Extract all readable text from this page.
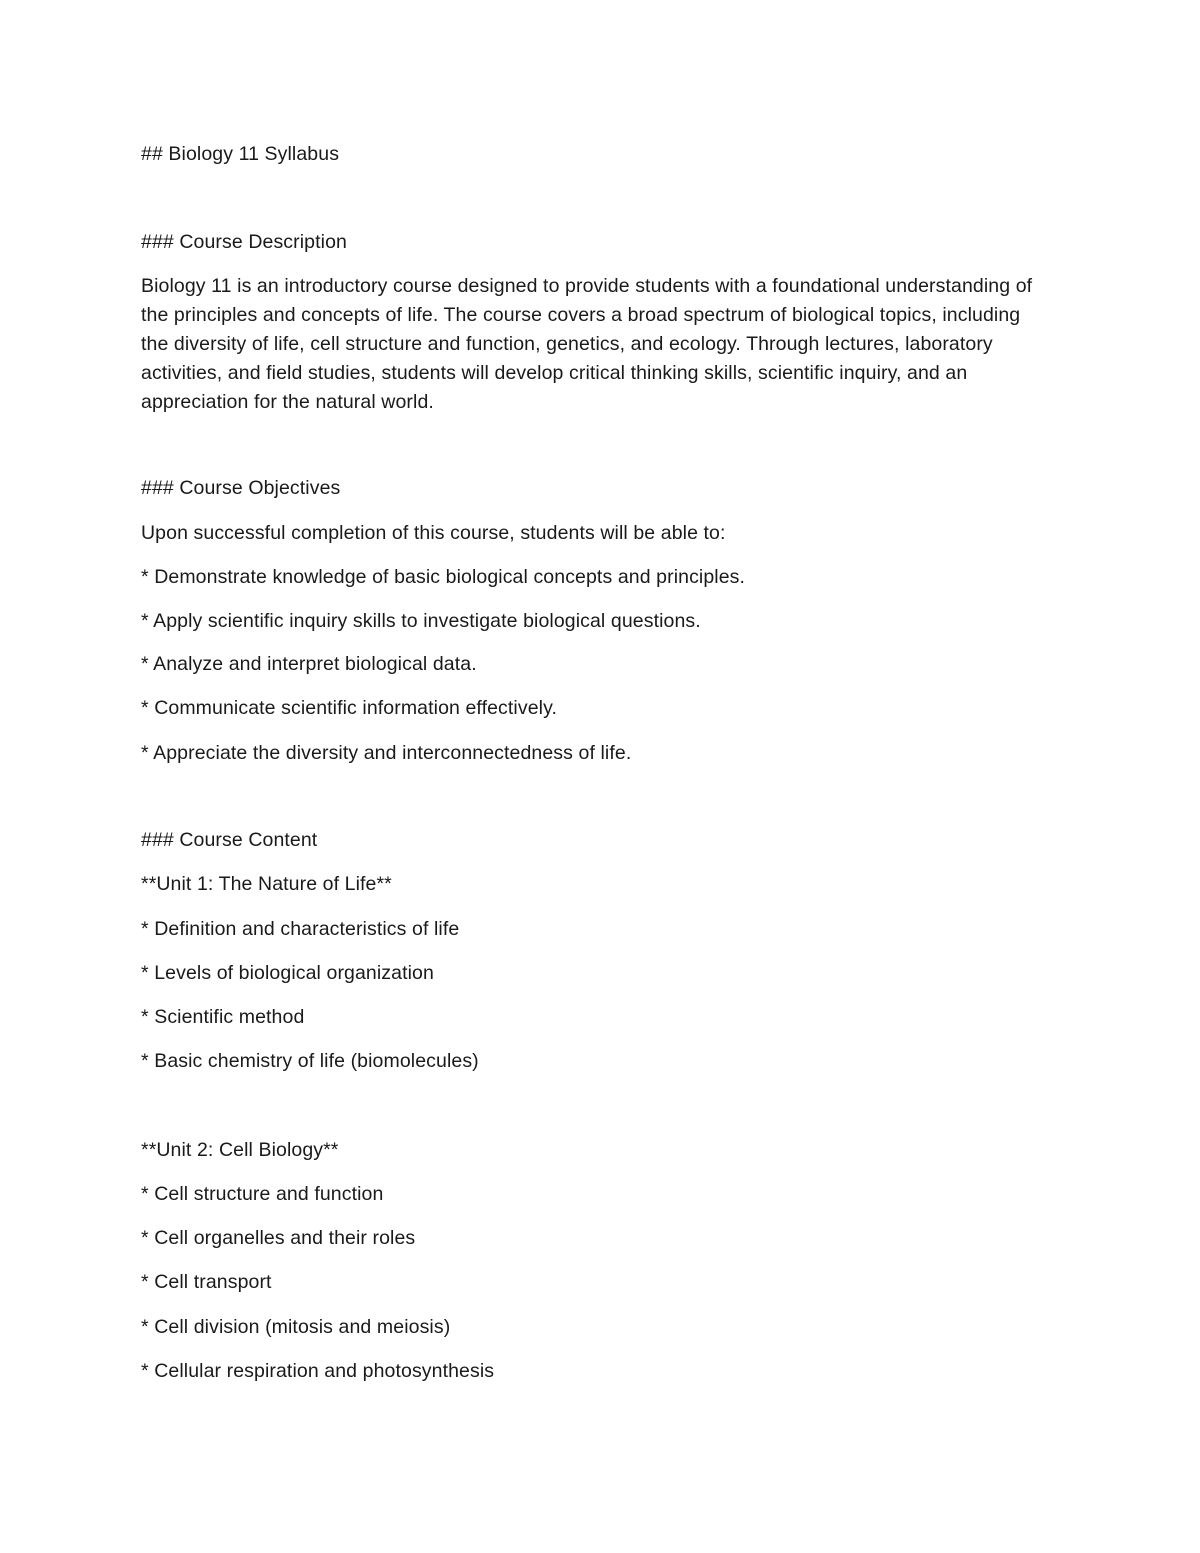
## Biology 11 Syllabus

### Course Description

Biology 11 is an introductory course designed to provide students with a foundational understanding of the principles and concepts of life. The course covers a broad spectrum of biological topics, including the diversity of life, cell structure and function, genetics, and ecology. Through lectures, laboratory activities, and field studies, students will develop critical thinking skills, scientific inquiry, and an appreciation for the natural world.

### Course Objectives

Upon successful completion of this course, students will be able to:

* Demonstrate knowledge of basic biological concepts and principles.

* Apply scientific inquiry skills to investigate biological questions.

* Analyze and interpret biological data.

* Communicate scientific information effectively.

* Appreciate the diversity and interconnectedness of life.

### Course Content

**Unit 1: The Nature of Life**

* Definition and characteristics of life

* Levels of biological organization

* Scientific method

* Basic chemistry of life (biomolecules)

**Unit 2: Cell Biology**

* Cell structure and function

* Cell organelles and their roles

* Cell transport

* Cell division (mitosis and meiosis)

* Cellular respiration and photosynthesis
